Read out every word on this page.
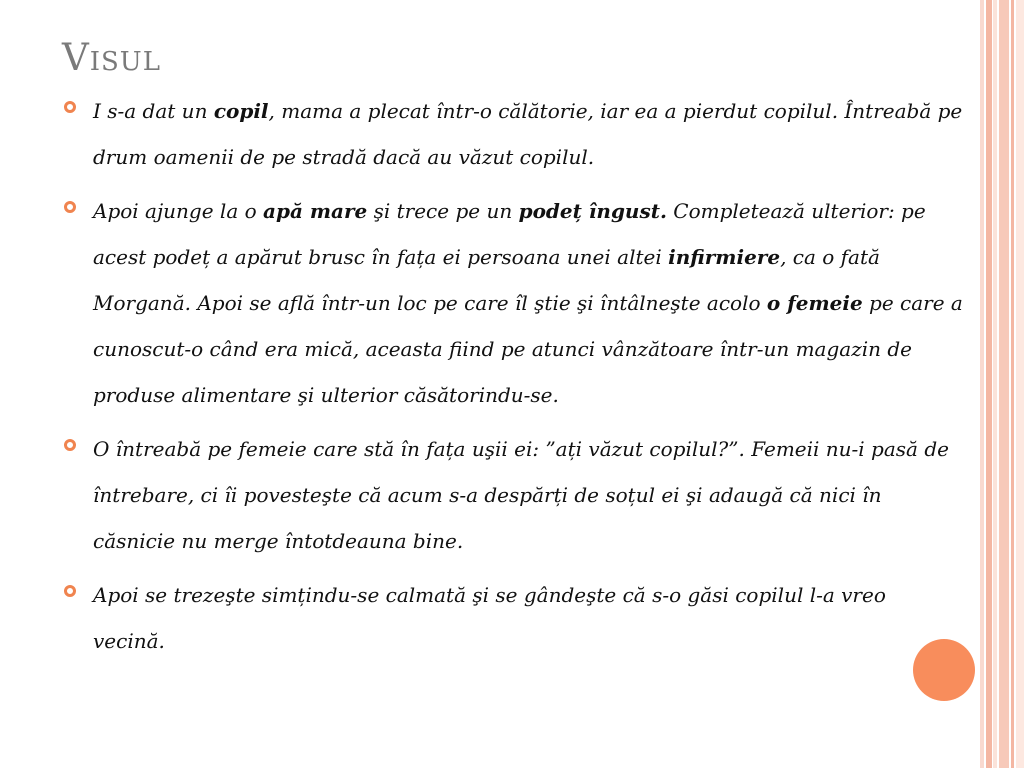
Visul
I s-a dat un copil, mama a plecat într-o călătorie, iar ea a pierdut copilul. Întreabă pe drum oamenii de pe stradă dacă au văzut copilul.
Apoi ajunge la o apă mare şi trece pe un podeț îngust. Completează ulterior: pe acest podeț a apărut brusc în fața ei persoana unei altei infirmiere, ca o fată Morgană. Apoi se află într-un loc pe care îl ştie şi întâlneşte acolo o femeie pe care a cunoscut-o când era mică, aceasta fiind pe atunci vânzătoare într-un magazin de produse alimentare şi ulterior căsătorindu-se.
O întreabă pe femeie care stă în fața uşii ei: ”ați văzut copilul?”. Femeii nu-i pasă de întrebare, ci îi povesteşte că acum s-a despărți de soțul ei şi adaugă că nici în căsnicie nu merge întotdeauna bine.
Apoi se trezeşte simțindu-se calmată şi se gândeşte că s-o găsi copilul l-a vreo vecină.
